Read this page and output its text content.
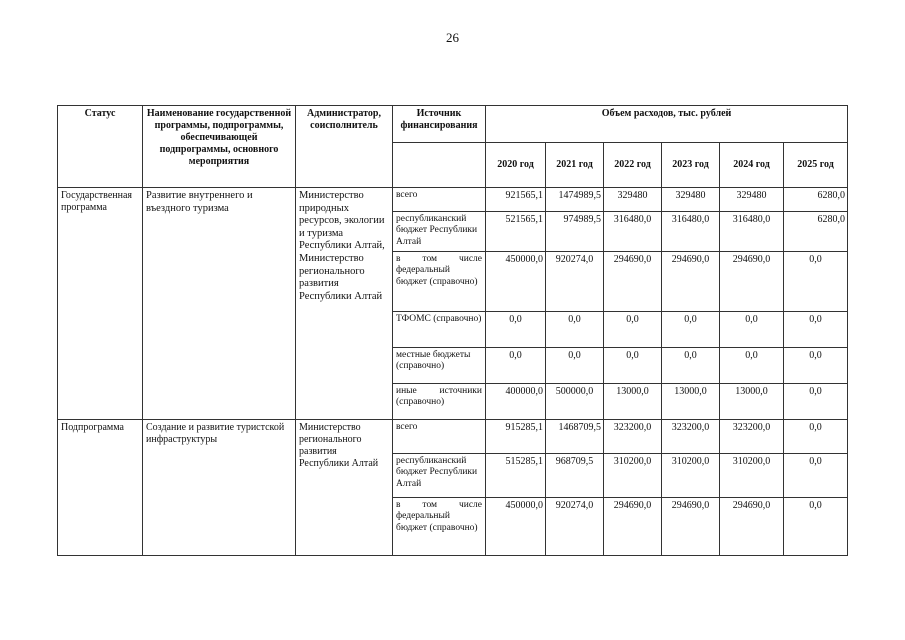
26
Статус	Наименование государственной программы, подпрограммы, обеспечивающей подпрограммы, основного мероприятия	Администратор, соисполнитель	Источник финансирования	Объем расходов, тыс. рублей					
				2020 год	2021 год	2022 год	2023 год	2024 год	2025 год
Государственная программа	Развитие внутреннего и въездного туризма	Министерство природных ресурсов, экологии и туризма Республики Алтай, Министерство регионального развития Республики Алтай	всего	921565,1	1474989,5	329480	329480	329480	6280,0
			республиканский бюджет Республики Алтай	521565,1	974989,5	316480,0	316480,0	316480,0	6280,0
			в том числе федеральный бюджет (справочно)	450000,0	920274,0	294690,0	294690,0	294690,0	0,0
			ТФОМС (справочно)	0,0	0,0	0,0	0,0	0,0	0,0
			местные бюджеты (справочно)	0,0	0,0	0,0	0,0	0,0	0,0
			иные источники (справочно)	400000,0	500000,0	13000,0	13000,0	13000,0	0,0
Подпрограмма	Создание и развитие туристской инфраструктуры	Министерство регионального развития Республики Алтай	всего	915285,1	1468709,5	323200,0	323200,0	323200,0	0,0
			республиканский бюджет Республики Алтай	515285,1	968709,5	310200,0	310200,0	310200,0	0,0
			в том числе федеральный бюджет (справочно)	450000,0	920274,0	294690,0	294690,0	294690,0	0,0
